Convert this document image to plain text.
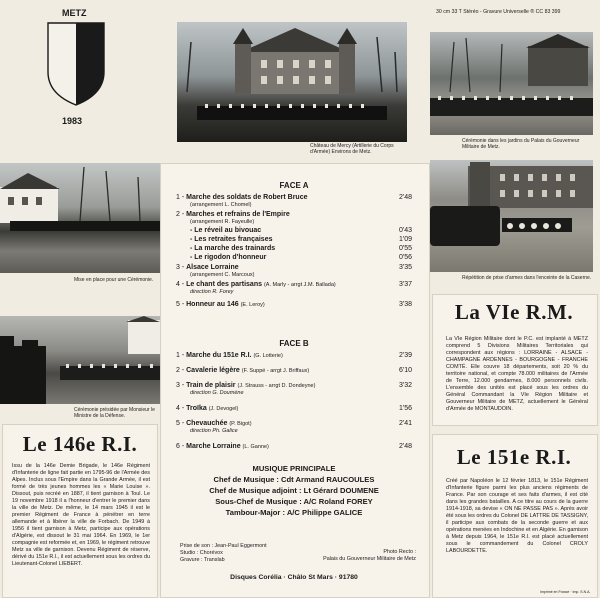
METZ
1983
30 cm 33 T Stéréo - Gravure Universelle ® CC 83 399
Château de Mercy (Artillerie du Corps d'Armée) Environs de Metz.
Cérémonie dans les jardins du Palais du Gouverneur Militaire de Metz.
Mise en place pour une Cérémonie.	Répétition de prise d'armes dans l'enceinte de la Caserne.
Cérémonie présidée par Monsieur le Ministre de la Défense.
FACE A
1 - Marche des soldats de Robert Bruce	2'48
(arrangement L. Chomel)
2 - Marches et refrains de l'Empire
(arrangement R. Fayeulle)
- Le réveil au bivouac	0'43
- Les retraites françaises	1'09
- La marche des trainards	0'55
- Le rigodon d'honneur	0'56
3 - Alsace Lorraine	3'35
(arrangement C. Marcoux)
4 - Le chant des partisans (A. Marly - arrgt J.M. Ballada)	3'37
direction R. Forey
5 - Honneur au 146 (E. Leroy)	3'38
FACE B
1 - Marche du 151e R.I. (G. Lotterie)	2'39
2 - Cavalerie légère (F. Suppé - arrgt J. Briffaux)	6'10
3 - Train de plaisir (J. Strauss - arrgt D. Dondeyne)	3'32
direction G. Doumène
4 - Troïka (J. Devogel)	1'56
5 - Chevauchée (P. Bigot)	2'41
direction Ph. Galice
6 - Marche Lorraine (L. Ganne)	2'48
MUSIQUE PRINCIPALE
Chef de Musique : Cdt Armand RAUCOULES
Chef de Musique adjoint : Lt Gérard DOUMENE
Sous-Chef de Musique : A/C Roland FOREY
Tambour-Major : A/C Philippe GALICE
Prise de son : Jean-Paul Eggermont
Studio : Chorévox
Gravure : Translab
Photo Recto :
Palais du Gouverneur Militaire de Metz
Disques Corélia · Châlo St Mars · 91780
Le 146e R.I.
Issu de la 146e Demie Brigade, le 146e Régiment d'Infanterie de ligne fait partie en 1795-96 de l'Armée des Alpes. Inclus sous l'Empire dans la Grande Armée, il est formé de très jeunes hommes les « Marie Louise ». Dissout, puis recréé en 1887, il tient garnison à Toul. Le 19 novembre 1918 il a l'honneur d'entrer le premier dans la ville de Metz. De même, le 14 mars 1945 il est le premier Régiment de France à pénétrer en terre allemande et à libérer la ville de Forbach. De 1949 à 1956 il tient garnison à Metz, participe aux opérations d'Algérie, est dissout le 31 mai 1964. En 1969, le 1er compagnie est reformée et, en 1969, le régiment retrouve Metz sa ville de garnison. Devenu Régiment de réserve, dérivé du 151e R.I., il est actuellement sous les ordres du Lieutenant-Colonel LIEBERT.
La VIe R.M.
La VIe Région Militaire dont le P.C. est implanté à METZ comprend 5 Divisions Militaires Territoriales qui correspondent aux régions : LORRAINE - ALSACE - CHAMPAGNE ARDENNES - BOURGOGNE - FRANCHE COMTÉ. Elle couvre 18 départements, soit 20 % du territoire national, et compte 78.000 militaires de l'Armée de Terre, 12.000 gendarmes, 8.000 personnels civils. L'ensemble des unités est placé sous les ordres du Général Commandant la VIe Région Militaire et Gouverneur Militaire de METZ, actuellement le Général d'Armée de MONTAUDOIN.
Le 151e R.I.
Créé par Napoléon le 12 février 1813, le 151e Régiment d'Infanterie figure parmi les plus anciens régiments de France. Par son courage et ses faits d'armes, il est cité dans les grandes batailles. A ce titre au cours de la guerre 1914-1918, sa devise « ON NE PASSE PAS ». Après avoir été sous les ordres du Colonel DE LATTRE DE TASSIGNY, il participe aux combats de la seconde guerre et aux opérations menées en Indochine et en Algérie. En garnison à Metz depuis 1964, le 151e R.I. est placé actuellement sous le commandement du Colonel CROLY LABOURDETTE.
Imprimé en France · Imp. S.N.A.
